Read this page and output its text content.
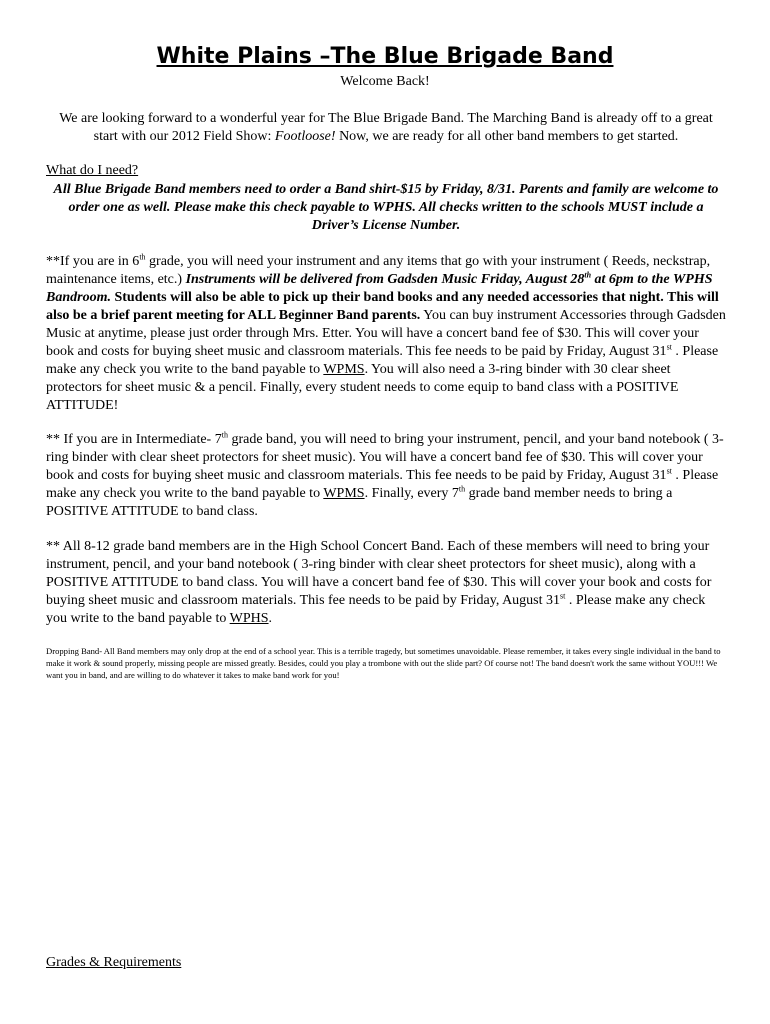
White Plains –The Blue Brigade Band

Welcome Back!

We are looking forward to a wonderful year for The Blue Brigade Band. The Marching Band is already off to a great start with our 2012 Field Show: Footloose! Now, we are ready for all other band members to get started.

What do I need?

All Blue Brigade Band members need to order a Band shirt-$15 by Friday, 8/31. Parents and family are welcome to order one as well. Please make this check payable to WPHS. All checks written to the schools MUST include a Driver’s License Number.

**If you are in 6th grade, you will need your instrument and any items that go with your instrument ( Reeds, neckstrap, maintenance items, etc.) Instruments will be delivered from Gadsden Music Friday, August 28th at 6pm to the WPHS Bandroom. Students will also be able to pick up their band books and any needed accessories that night. This will also be a brief parent meeting for ALL Beginner Band parents. You can buy instrument Accessories through Gadsden Music at anytime, please just order through Mrs. Etter. You will have a concert band fee of $30. This will cover your book and costs for buying sheet music and classroom materials. This fee needs to be paid by Friday, August 31st . Please make any check you write to the band payable to WPMS. You will also need a 3-ring binder with 30 clear sheet protectors for sheet music & a pencil. Finally, every student needs to come equip to band class with a POSITIVE ATTITUDE!

** If you are in Intermediate- 7th grade band, you will need to bring your instrument, pencil, and your band notebook ( 3-ring binder with clear sheet protectors for sheet music). You will have a concert band fee of $30. This will cover your book and costs for buying sheet music and classroom materials. This fee needs to be paid by Friday, August 31st . Please make any check you write to the band payable to WPMS. Finally, every 7th grade band member needs to bring a POSITIVE ATTITUDE to band class.

** All 8-12 grade band members are in the High School Concert Band. Each of these members will need to bring your instrument, pencil, and your band notebook ( 3-ring binder with clear sheet protectors for sheet music), along with a POSITIVE ATTITUDE to band class. You will have a concert band fee of $30. This will cover your book and costs for buying sheet music and classroom materials. This fee needs to be paid by Friday, August 31st . Please make any check you write to the band payable to WPHS.

Dropping Band- All Band members may only drop at the end of a school year. This is a terrible tragedy, but sometimes unavoidable. Please remember, it takes every single individual in the band to make it work & sound properly, missing people are missed greatly. Besides, could you play a trombone with out the slide part? Of course not! The band doesn't work the same without YOU!!! We want you in band, and are willing to do whatever it takes to make band work for you!

Grades & Requirements
